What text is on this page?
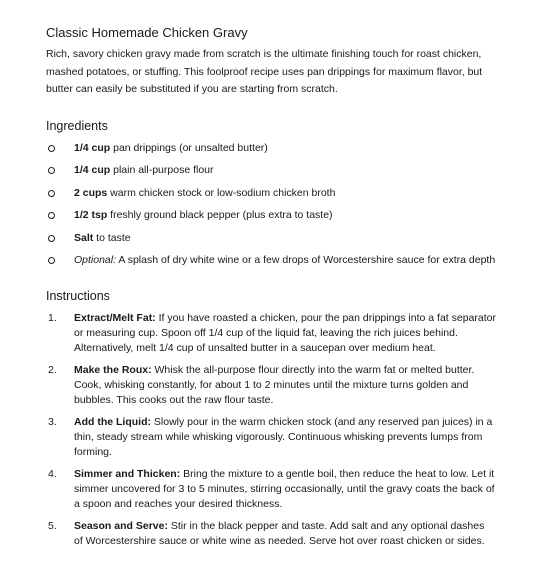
Classic Homemade Chicken Gravy

Rich, savory chicken gravy made from scratch is the ultimate finishing touch for roast chicken, mashed potatoes, or stuffing. This foolproof recipe uses pan drippings for maximum flavor, but butter can easily be substituted if you are starting from scratch.

Ingredients
1/4 cup pan drippings (or unsalted butter)
1/4 cup plain all-purpose flour
2 cups warm chicken stock or low-sodium chicken broth
1/2 tsp freshly ground black pepper (plus extra to taste)
Salt to taste
Optional: A splash of dry white wine or a few drops of Worcestershire sauce for extra depth
Instructions
1. Extract/Melt Fat: If you have roasted a chicken, pour the pan drippings into a fat separator or measuring cup. Spoon off 1/4 cup of the liquid fat, leaving the rich juices behind. Alternatively, melt 1/4 cup of unsalted butter in a saucepan over medium heat.
2. Make the Roux: Whisk the all-purpose flour directly into the warm fat or melted butter. Cook, whisking constantly, for about 1 to 2 minutes until the mixture turns golden and bubbles. This cooks out the raw flour taste.
3. Add the Liquid: Slowly pour in the warm chicken stock (and any reserved pan juices) in a thin, steady stream while whisking vigorously. Continuous whisking prevents lumps from forming.
4. Simmer and Thicken: Bring the mixture to a gentle boil, then reduce the heat to low. Let it simmer uncovered for 3 to 5 minutes, stirring occasionally, until the gravy coats the back of a spoon and reaches your desired thickness.
5. Season and Serve: Stir in the black pepper and taste. Add salt and any optional dashes of Worcestershire sauce or white wine as needed. Serve hot over roast chicken or sides.
